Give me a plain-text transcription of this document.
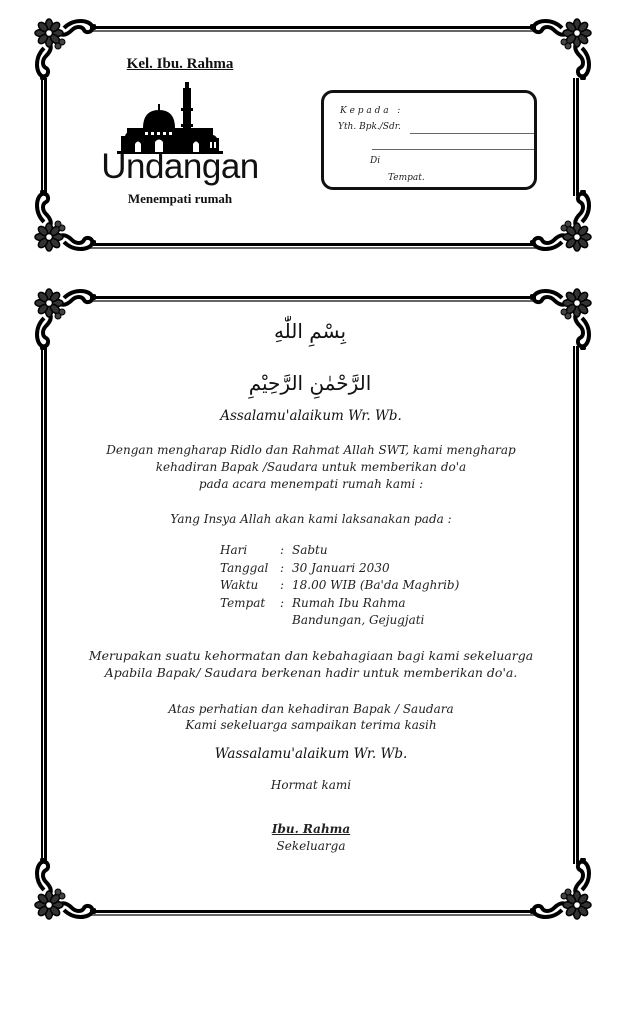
Kel. Ibu. Rahma
Undangan
Menempati rumah
K e p a d a   :
Yth. Bpk./Sdr.
Di
Tempat.
بِسْمِ اللّٰهِ الرَّحْمٰنِ الرَّحِيْمِ
Assalamu'alaikum Wr. Wb.
Dengan mengharap Ridlo dan Rahmat Allah SWT, kami mengharap
kehadiran Bapak /Saudara untuk memberikan do'a
pada acara menempati rumah kami :
Yang Insya Allah akan kami laksanakan pada :
Hari	: Sabtu
Tanggal : 30 Januari 2030
Waktu	: 18.00 WIB (Ba'da Maghrib)
Tempat	: Rumah Ibu Rahma
Bandungan, Gejugjati
Merupakan suatu kehormatan dan kebahagiaan bagi kami sekeluarga
Apabila Bapak/ Saudara berkenan hadir untuk memberikan do'a.
Atas perhatian dan kehadiran Bapak / Saudara
Kami sekeluarga sampaikan terima kasih
Wassalamu'alaikum Wr. Wb.
Hormat kami
Ibu. Rahma
Sekeluarga
